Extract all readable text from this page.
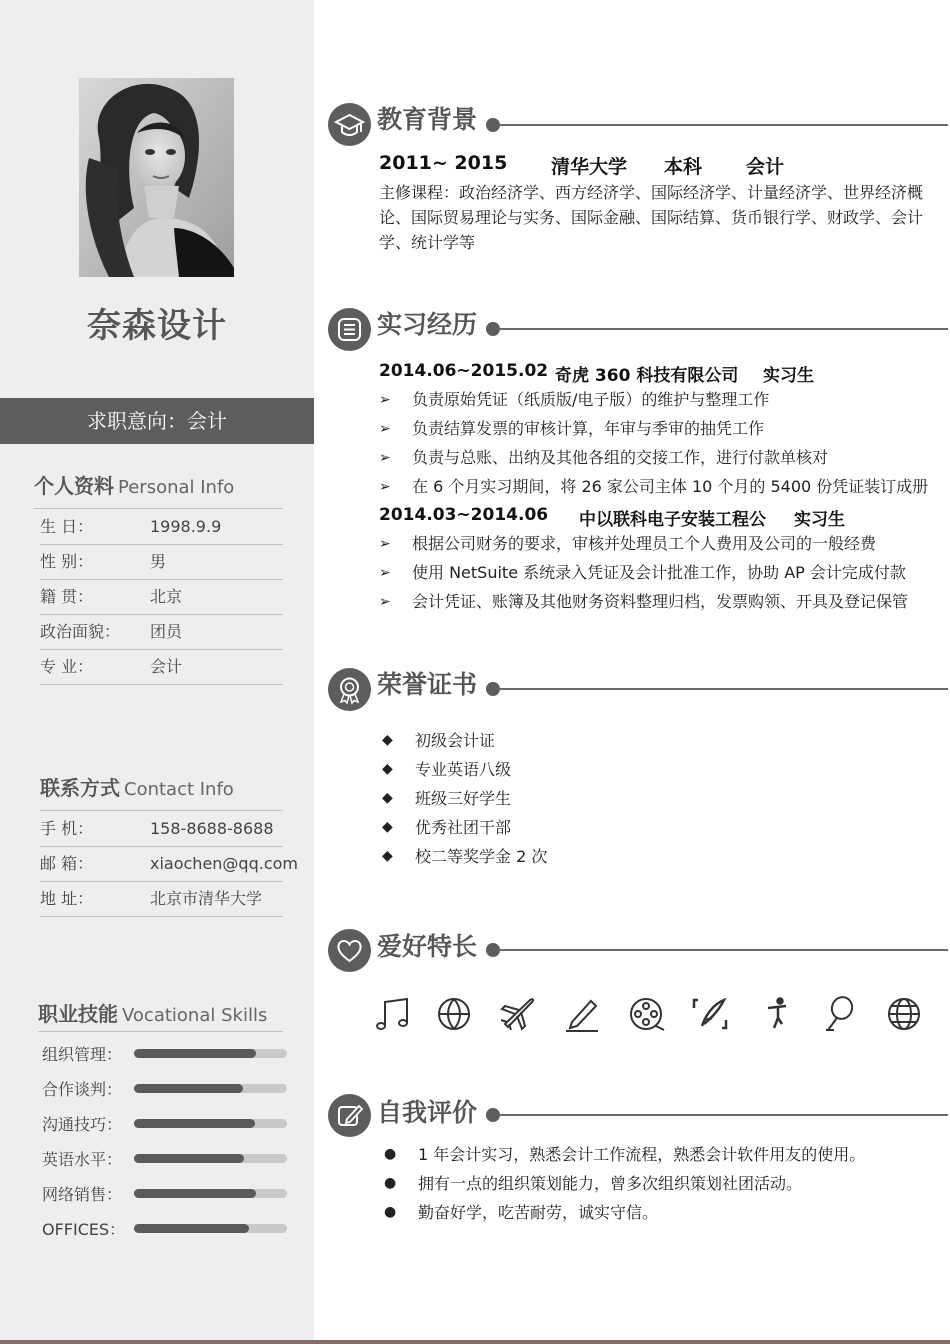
奈森设计
求职意向：会计
个人资料 Personal Info
生 日：	1998.9.9
性 别：	男
籍 贯：	北京
政治面貌： 团员
专 业：	会计
联系方式 Contact Info
手 机：	158-8688-8688
邮 箱：	xiaochen@qq.com
地 址：	北京市清华大学
职业技能 Vocational Skills
组织管理：
合作谈判：
沟通技巧：
英语水平：
网络销售：
OFFICES：
教育背景
2011~ 2015 清华大学 本科 会计
主修课程：政治经济学、西方经济学、国际经济学、计量经济学、世界经济概论、国际贸易理论与实务、国际金融、国际结算、货币银行学、财政学、会计学、统计学等
实习经历
2014.06~2015.02 奇虎 360 科技有限公司 实习生
➢	负责原始凭证（纸质版/电子版）的维护与整理工作
➢	负责结算发票的审核计算，年审与季审的抽凭工作
➢	负责与总账、出纳及其他各组的交接工作，进行付款单核对
➢	在 6 个月实习期间，将 26 家公司主体 10 个月的 5400 份凭证装订成册
2014.03~2014.06 中以联科电子安装工程公 实习生
➢	根据公司财务的要求，审核并处理员工个人费用及公司的一般经费
➢	使用 NetSuite 系统录入凭证及会计批准工作，协助 AP 会计完成付款
➢	会计凭证、账簿及其他财务资料整理归档，发票购领、开具及登记保管
荣誉证书
◆ 初级会计证
◆ 专业英语八级
◆ 班级三好学生
◆ 优秀社团干部
◆ 校二等奖学金 2 次
爱好特长
自我评价
● 1 年会计实习，熟悉会计工作流程，熟悉会计软件用友的使用。
● 拥有一点的组织策划能力，曾多次组织策划社团活动。
● 勤奋好学，吃苦耐劳，诚实守信。
